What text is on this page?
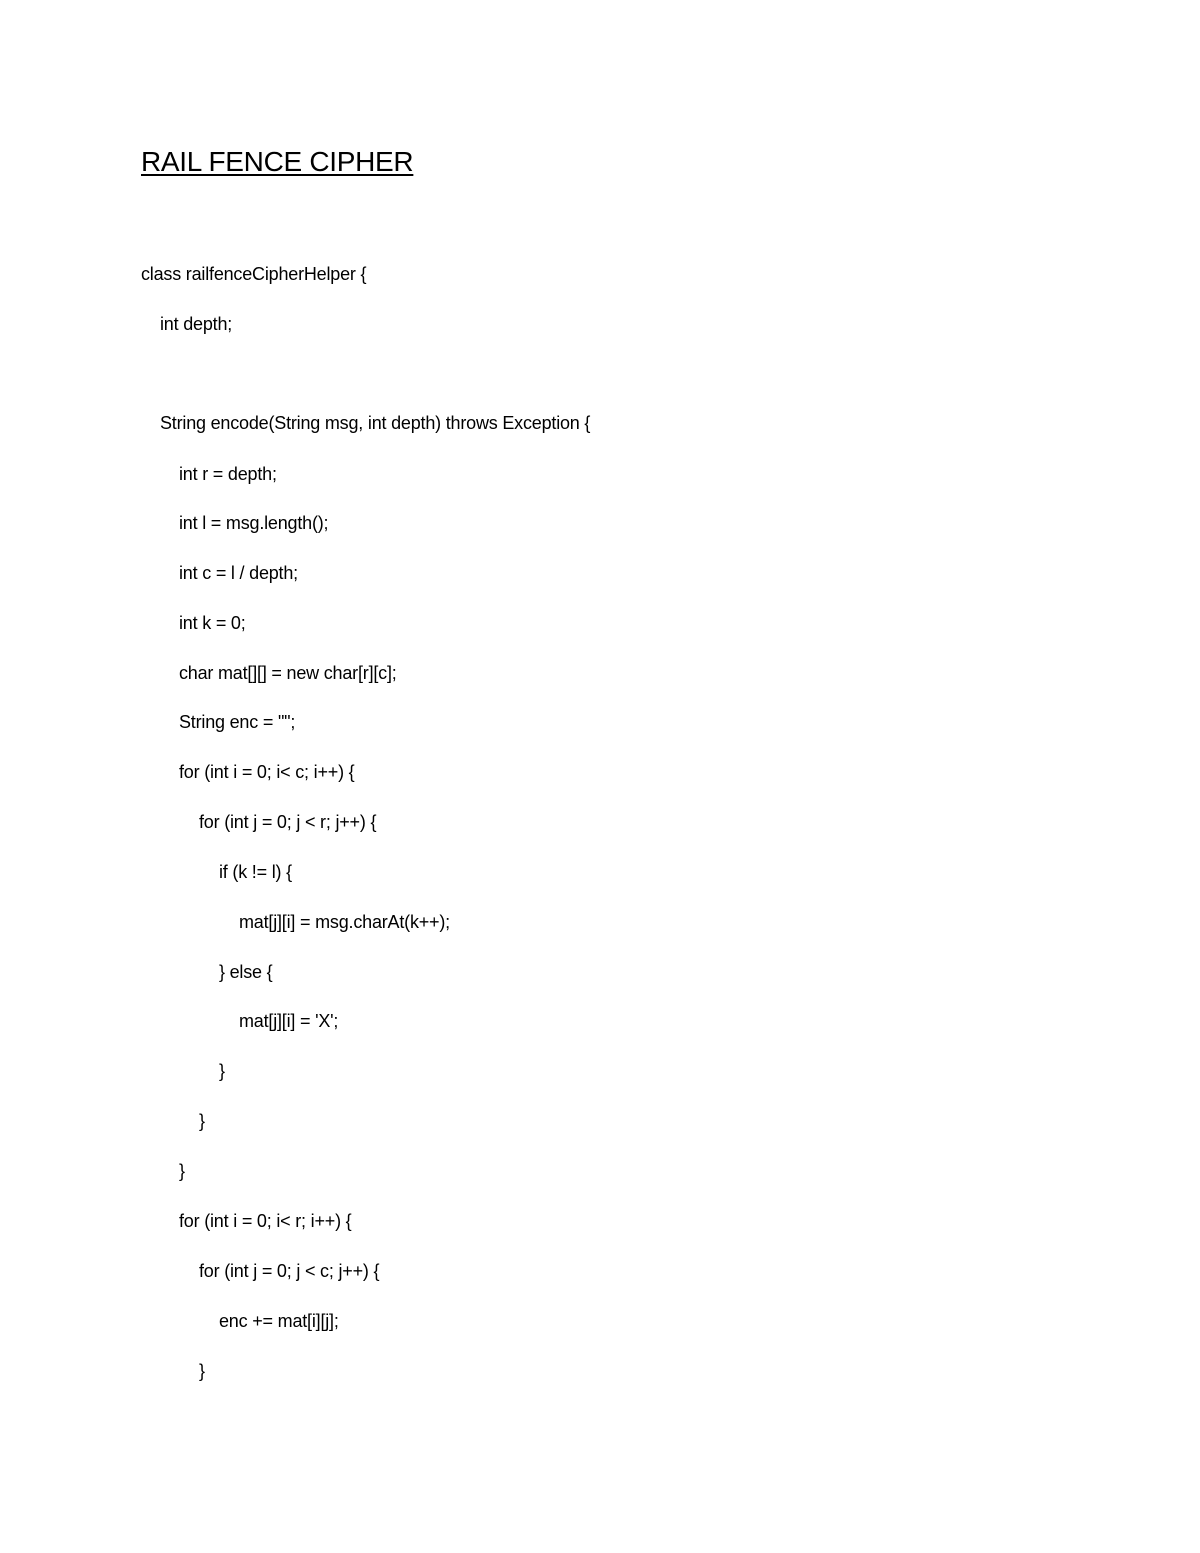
RAIL FENCE CIPHER

class railfenceCipherHelper {

int depth;

String encode(String msg, int depth) throws Exception {

int r = depth;

int l = msg.length();

int c = l / depth;

int k = 0;

char mat[][] = new char[r][c];

String enc = "";

for (int i = 0; i< c; i++) {

for (int j = 0; j < r; j++) {

if (k != l) {

mat[j][i] = msg.charAt(k++);

} else {

mat[j][i] = 'X';

}

}

}

for (int i = 0; i< r; i++) {

for (int j = 0; j < c; j++) {

enc += mat[i][j];

}
